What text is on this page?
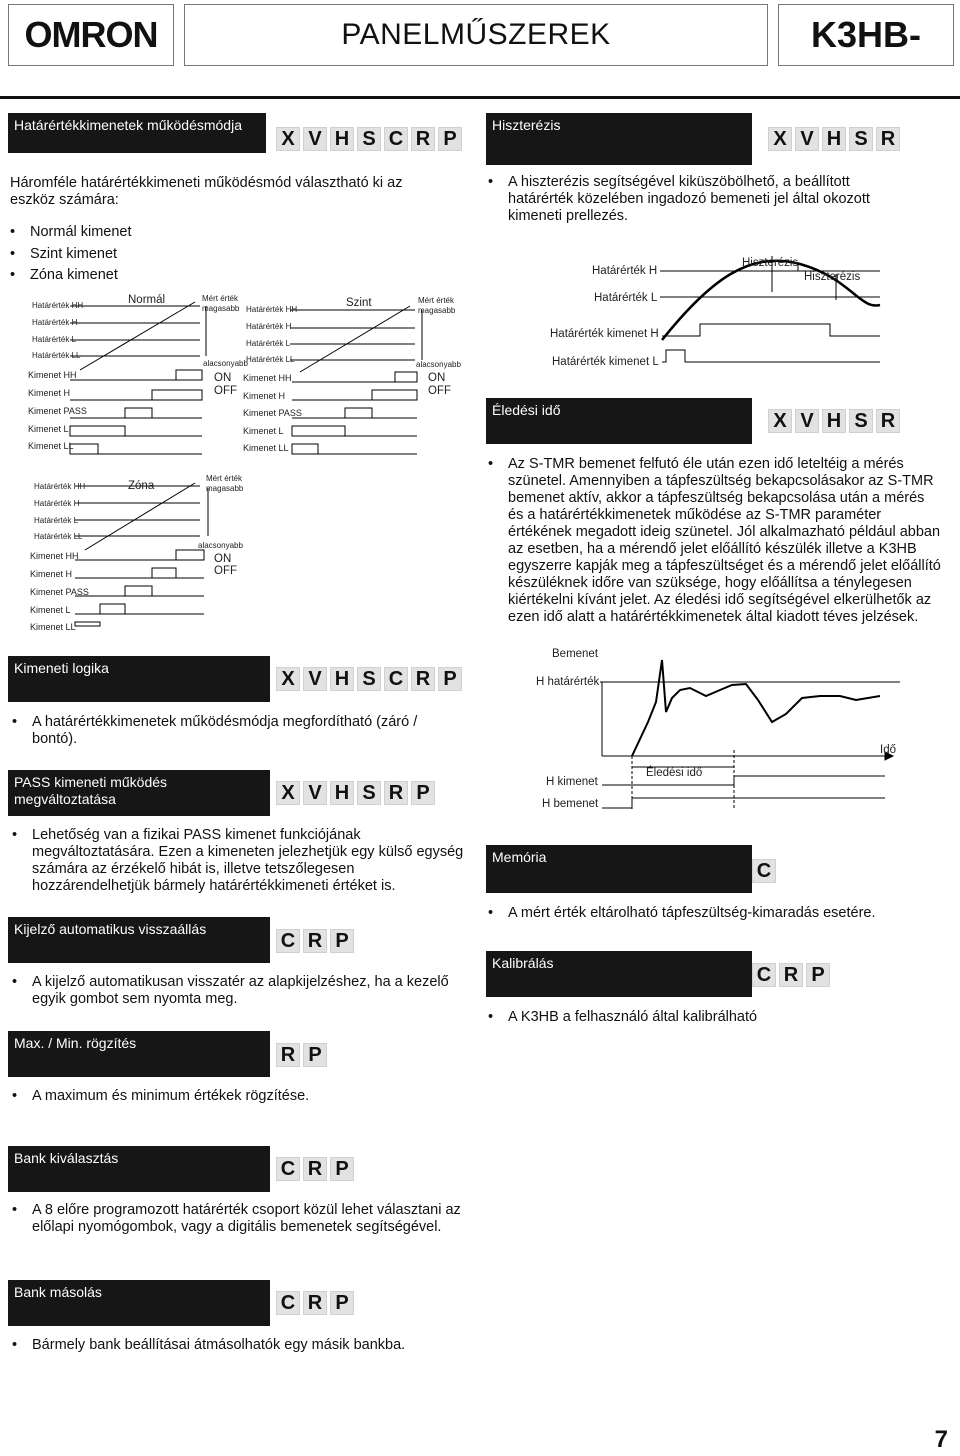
OMRON	PANELMŰSZEREK	K3HB-
Határértékkimenetek működésmódja
X V H S C R P
Háromféle határértékkimeneti működésmód választható ki az eszköz számára:
• Normál kimenet
• Szint kimenet
• Zóna kimenet
Normál
Határérték HH
Határérték H
Határérték L
Határérték LL
Kimenet HH
Kimenet H
Kimenet PASS
Kimenet L
Kimenet LL
Mért érték magasabb
alacsonyabb
ON
OFF
Szint
Határérték HH
Határérték H
Határérték L
Határérték LL
Kimenet HH
Kimenet H
Kimenet PASS
Kimenet L
Kimenet LL
Mért érték magasabb
alacsonyabb
ON
OFF
Zóna
Határérték HH
Határérték H
Határérték L
Határérték LL
Kimenet HH
Kimenet H
Kimenet PASS
Kimenet L
Kimenet LL
Mért érték magasabb
alacsonyabb
ON
OFF
Kimeneti logika	X V H S C R P
• A határértékkimenetek működésmódja megfordítható (záró / bontó).
PASS kimeneti működés
megváltoztatása	X V H S R P
• Lehetőség van a fizikai PASS kimenet funkciójának megváltoztatására. Ezen a kimeneten jelezhetjük egy külső egység számára az érzékelő hibát is, illetve tetszőlegesen hozzárendelhetjük bármely határértékkimeneti értéket is.
Kijelző automatikus visszaállás
C R P
• A kijelző automatikusan visszatér az alapkijelzéshez, ha a kezelő egyik gombot sem nyomta meg.
Max. / Min. rögzítés
R P
• A maximum és minimum értékek rögzítése.
Bank kiválasztás	C R P
• A 8 előre programozott határérték csoport közül lehet választani az előlapi nyomógombok, vagy a digitális bemenetek segítségével.
Bank másolás	C R P
• Bármely bank beállításai átmásolhatók egy másik bankba.
Hiszterézis
X V H S R
• A hiszterézis segítségével kiküszöbölhető, a beállított határérték közelében ingadozó bemeneti jel által okozott kimeneti prellezés.
Határérték H
Határérték L
Határérték kimenet H
Határérték kimenet L
Hiszterézis
Hiszterézis
Éledési idő	X V H S R
• Az S-TMR bemenet felfutó éle után ezen idő leteltéig a mérés szünetel. Amennyiben a tápfeszültség bekapcsolásakor az S-TMR bemenet aktív, akkor a tápfeszültség bekapcsolása után a mérés és a határértékkimenetek működése az S-TMR paraméter értékének megadott ideig szünetel. Jól alkalmazható például abban az esetben, ha a mérendő jelet előállító készülék illetve a K3HB egyszerre kapják meg a tápfeszültséget és a mérendő jelet előállító készüléknek időre van szüksége, hogy előállítsa a ténylegesen kiértékelni kívánt jelet. Az éledési idő segítségével elkerülhetők az ezen idő alatt a határértékkimenetek által kiadott téves jelzések.
Bemenet
H határérték
Idő
Éledési idő
H kimenet
H bemenet
Memória
C
• A mért érték eltárolható tápfeszültség-kimaradás esetére.
Kalibrálás
C R P
• A K3HB a felhasználó által kalibrálható
7
